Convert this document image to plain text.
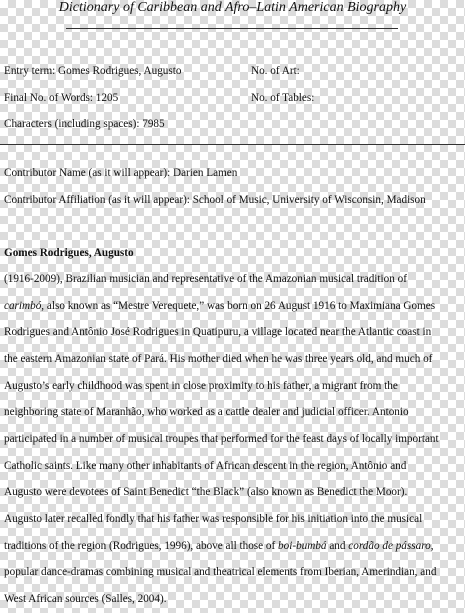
Dictionary of Caribbean and Afro–Latin American Biography
Entry term: Gomes Rodrigues, Augusto	No. of Art:
Final No. of Words: 1205	No. of Tables:
Characters (including spaces): 7985
Contributor Name (as it will appear): Darien Lamen
Contributor Affiliation (as it will appear): School of Music, University of Wisconsin, Madison
Gomes Rodrigues, Augusto
(1916-2009), Brazilian musician and representative of the Amazonian musical tradition of
carimbó, also known as “Mestre Verequete,” was born on 26 August 1916 to Maximiana Gomes
Rodrigues and Antônio José Rodrigues in Quatipuru, a village located near the Atlantic coast in
the eastern Amazonian state of Pará. His mother died when he was three years old, and much of
Augusto’s early childhood was spent in close proximity to his father, a migrant from the
neighboring state of Maranhão, who worked as a cattle dealer and judicial officer. Antonio
participated in a number of musical troupes that performed for the feast days of locally important
Catholic saints. Like many other inhabitants of African descent in the region, Antônio and
Augusto were devotees of Saint Benedict “the Black” (also known as Benedict the Moor).
Augusto later recalled fondly that his father was responsible for his initiation into the musical
traditions of the region (Rodrigues, 1996), above all those of boi-bumbá and cordão de pássaro,
popular dance-dramas combining musical and theatrical elements from Iberian, Amerindian, and
West African sources (Salles, 2004).
